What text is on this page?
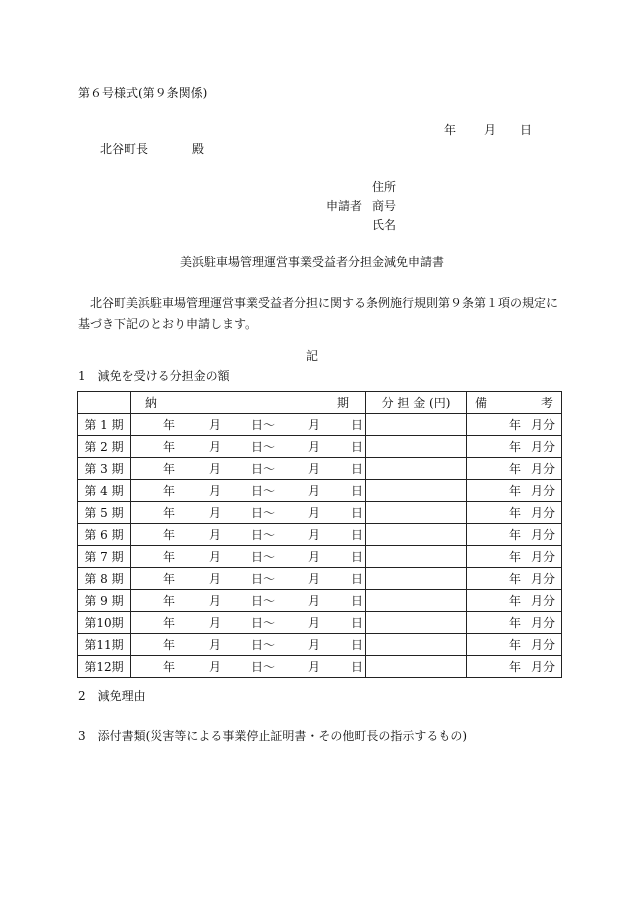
第６号様式(第９条関係)
年 月 日
北谷町長	殿
住所
申請者 商号
氏名
美浜駐車場管理運営事業受益者分担金減免申請書
北谷町美浜駐車場管理運営事業受益者分担に関する条例施行規則第９条第１項の規定に基づき下記のとおり申請します。
記
1　減免を受ける分担金の額

	納 期	分 担 金 (円)	備 考

第 1 期	年 月 日～ 月 日		年 月分
第 2 期	年 月 日～ 月 日		年 月分
第 3 期	年 月 日～ 月 日		年 月分
第 4 期	年 月 日～ 月 日		年 月分
第 5 期	年 月 日～ 月 日		年 月分
第 6 期	年 月 日～ 月 日		年 月分
第 7 期	年 月 日～ 月 日		年 月分
第 8 期	年 月 日～ 月 日		年 月分
第 9 期	年 月 日～ 月 日		年 月分
第10期	年 月 日～ 月 日		年 月分
第11期	年 月 日～ 月 日		年 月分
第12期	年 月 日～ 月 日		年 月分
2　減免理由
3　添付書類(災害等による事業停止証明書・その他町長の指示するもの)
